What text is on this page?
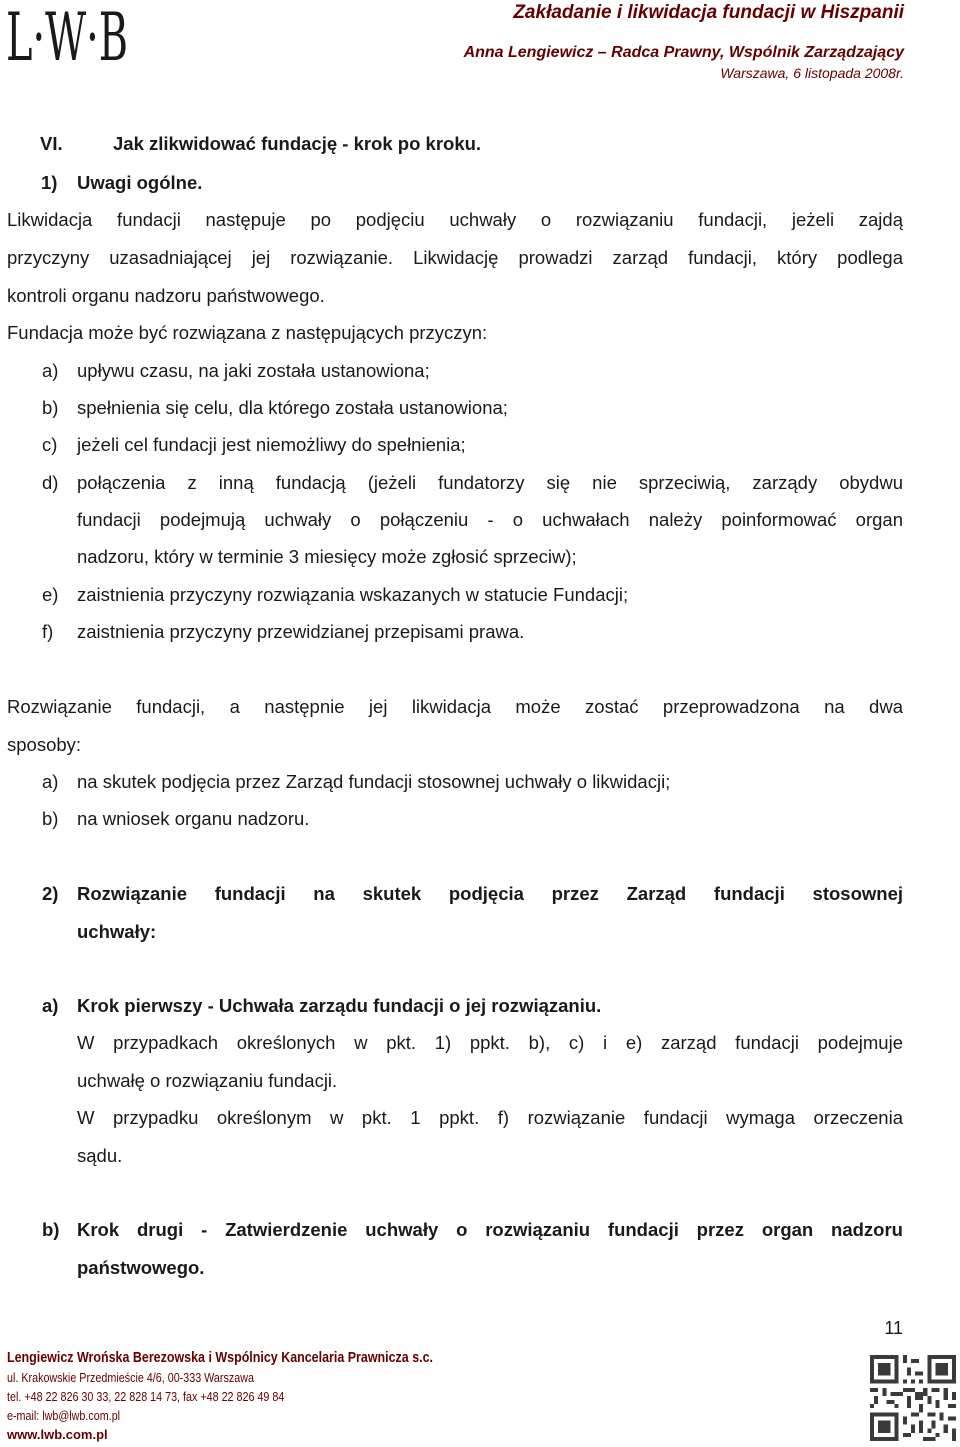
L·W·B	Zakładanie i likwidacja fundacji w Hiszpanii
Anna Lengiewicz – Radca Prawny, Wspólnik Zarządzający
Warszawa, 6 listopada 2008r.
VI.	Jak zlikwidować fundację - krok po kroku.
1) Uwagi ogólne.
Likwidacja fundacji następuje po podjęciu uchwały o rozwiązaniu fundacji, jeżeli zajdą
przyczyny uzasadniającej jej rozwiązanie. Likwidację prowadzi zarząd fundacji, który podlega
kontroli organu nadzoru państwowego.
Fundacja może być rozwiązana z następujących przyczyn:
a) upływu czasu, na jaki została ustanowiona;
b) spełnienia się celu, dla którego została ustanowiona;
c) jeżeli cel fundacji jest niemożliwy do spełnienia;
d)	połączenia z inną fundacją (jeżeli fundatorzy się nie sprzeciwią, zarządy obydwu
fundacji podejmują uchwały o połączeniu - o uchwałach należy poinformować organ
nadzoru, który w terminie 3 miesięcy może zgłosić sprzeciw);
e) zaistnienia przyczyny rozwiązania wskazanych w statucie Fundacji;
f) zaistnienia przyczyny przewidzianej przepisami prawa.
Rozwiązanie fundacji, a następnie jej likwidacja może zostać przeprowadzona na dwa
sposoby:
a) na skutek podjęcia przez Zarząd fundacji stosownej uchwały o likwidacji;
b) na wniosek organu nadzoru.
2)	Rozwiązanie fundacji na skutek podjęcia przez Zarząd fundacji stosownej
uchwały:
a) Krok pierwszy - Uchwała zarządu fundacji o jej rozwiązaniu.
W przypadkach określonych w pkt. 1) ppkt. b), c) i e) zarząd fundacji podejmuje
uchwałę o rozwiązaniu fundacji.
W przypadku określonym w pkt. 1 ppkt. f) rozwiązanie fundacji wymaga orzeczenia
sądu.
b) Krok drugi - Zatwierdzenie uchwały o rozwiązaniu fundacji przez organ nadzoru
państwowego.
11
Lengiewicz Wrońska Berezowska i Wspólnicy Kancelaria Prawnicza s.c.
ul. Krakowskie Przedmieście 4/6, 00-333 Warszawa
tel. +48 22 826 30 33, 22 828 14 73, fax +48 22 826 49 84
e-mail: lwb@lwb.com.pl
www.lwb.com.pl
